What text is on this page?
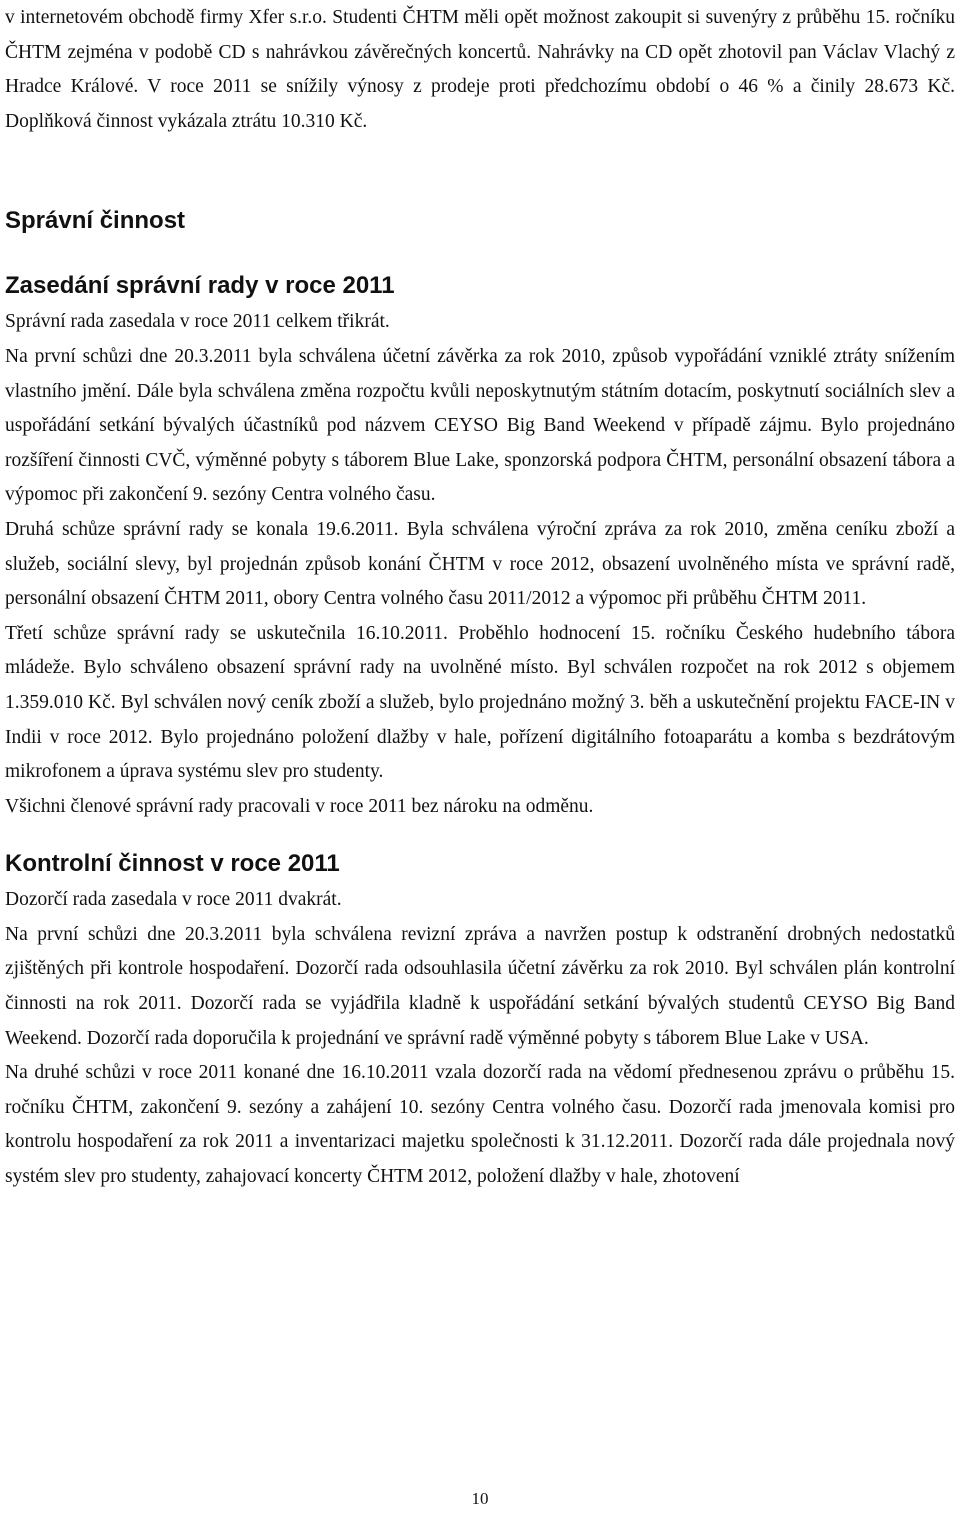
v internetovém obchodě firmy Xfer s.r.o. Studenti ČHTM měli opět možnost zakoupit si suvenýry z průběhu 15. ročníku ČHTM zejména v podobě CD s nahrávkou závěrečných koncertů. Nahrávky na CD opět zhotovil pan Václav Vlachý z Hradce Králové. V roce 2011 se snížily výnosy z prodeje proti předchozímu období o 46 % a činily 28.673 Kč. Doplňková činnost vykázala ztrátu 10.310 Kč.

Správní činnost
Zasedání správní rady v roce 2011

Správní rada zasedala v roce 2011 celkem třikrát.

Na první schůzi dne 20.3.2011 byla schválena účetní závěrka za rok 2010, způsob vypořádání vzniklé ztráty snížením vlastního jmění. Dále byla schválena změna rozpočtu kvůli neposkytnutým státním dotacím, poskytnutí sociálních slev a uspořádání setkání bývalých účastníků pod názvem CEYSO Big Band Weekend v případě zájmu. Bylo projednáno rozšíření činnosti CVČ, výměnné pobyty s táborem Blue Lake, sponzorská podpora ČHTM, personální obsazení tábora a výpomoc při zakončení 9. sezóny Centra volného času.

Druhá schůze správní rady se konala 19.6.2011. Byla schválena výroční zpráva za rok 2010, změna ceníku zboží a služeb, sociální slevy, byl projednán způsob konání ČHTM v roce 2012, obsazení uvolněného místa ve správní radě, personální obsazení ČHTM 2011, obory Centra volného času 2011/2012 a výpomoc při průběhu ČHTM 2011.

Třetí schůze správní rady se uskutečnila 16.10.2011. Proběhlo hodnocení 15. ročníku Českého hudebního tábora mládeže. Bylo schváleno obsazení správní rady na uvolněné místo. Byl schválen rozpočet na rok 2012 s objemem 1.359.010 Kč. Byl schválen nový ceník zboží a služeb, bylo projednáno možný 3. běh a uskutečnění projektu FACE-IN v Indii v roce 2012. Bylo projednáno položení dlažby v hale, pořízení digitálního fotoaparátu a komba s bezdrátovým mikrofonem a úprava systému slev pro studenty.

Všichni členové správní rady pracovali v roce 2011 bez nároku na odměnu.

Kontrolní činnost v roce 2011

Dozorčí rada zasedala v roce 2011 dvakrát.

Na první schůzi dne 20.3.2011 byla schválena revizní zpráva a navržen postup k odstranění drobných nedostatků zjištěných při kontrole hospodaření. Dozorčí rada odsouhlasila účetní závěrku za rok 2010. Byl schválen plán kontrolní činnosti na rok 2011. Dozorčí rada se vyjádřila kladně k uspořádání setkání bývalých studentů CEYSO Big Band Weekend. Dozorčí rada doporučila k projednání ve správní radě výměnné pobyty s táborem Blue Lake v USA.

Na druhé schůzi v roce 2011 konané dne 16.10.2011 vzala dozorčí rada na vědomí přednesenou zprávu o průběhu 15. ročníku ČHTM, zakončení 9. sezóny a zahájení 10. sezóny Centra volného času. Dozorčí rada jmenovala komisi pro kontrolu hospodaření za rok 2011 a inventarizaci majetku společnosti k 31.12.2011. Dozorčí rada dále projednala nový systém slev pro studenty, zahajovací koncerty ČHTM 2012, položení dlažby v hale, zhotovení

10
